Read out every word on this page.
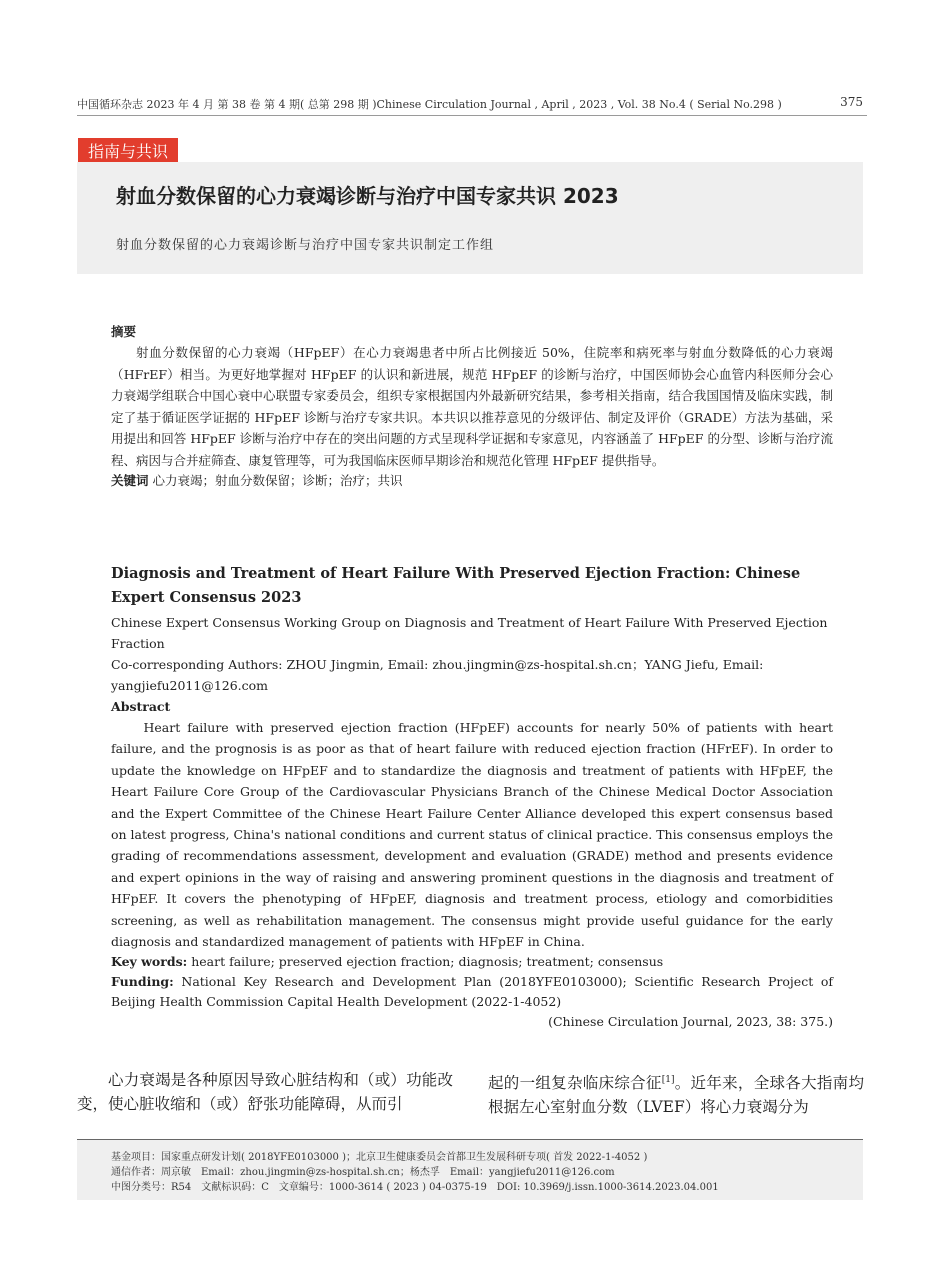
中国循环杂志 2023 年 4 月 第 38 卷 第 4 期( 总第 298 期 )Chinese Circulation Journal , April , 2023 , Vol. 38 No.4 ( Serial No.298 )	375
指南与共识
射血分数保留的心力衰竭诊断与治疗中国专家共识 2023
射血分数保留的心力衰竭诊断与治疗中国专家共识制定工作组
摘要

射血分数保留的心力衰竭（HFpEF）在心力衰竭患者中所占比例接近 50%，住院率和病死率与射血分数降低的心力衰竭（HFrEF）相当。为更好地掌握对 HFpEF 的认识和新进展，规范 HFpEF 的诊断与治疗，中国医师协会心血管内科医师分会心力衰竭学组联合中国心衰中心联盟专家委员会，组织专家根据国内外最新研究结果，参考相关指南，结合我国国情及临床实践，制定了基于循证医学证据的 HFpEF 诊断与治疗专家共识。本共识以推荐意见的分级评估、制定及评价（GRADE）方法为基础，采用提出和回答 HFpEF 诊断与治疗中存在的突出问题的方式呈现科学证据和专家意见，内容涵盖了 HFpEF 的分型、诊断与治疗流程、病因与合并症筛查、康复管理等，可为我国临床医师早期诊治和规范化管理 HFpEF 提供指导。

关键词 心力衰竭；射血分数保留；诊断；治疗；共识
Diagnosis and Treatment of Heart Failure With Preserved Ejection Fraction: Chinese Expert Consensus 2023
Chinese Expert Consensus Working Group on Diagnosis and Treatment of Heart Failure With Preserved Ejection Fraction
Co-corresponding Authors: ZHOU Jingmin, Email: zhou.jingmin@zs-hospital.sh.cn；YANG Jiefu, Email: yangjiefu2011@126.com
Abstract

Heart failure with preserved ejection fraction (HFpEF) accounts for nearly 50% of patients with heart failure, and the prognosis is as poor as that of heart failure with reduced ejection fraction (HFrEF). In order to update the knowledge on HFpEF and to standardize the diagnosis and treatment of patients with HFpEF, the Heart Failure Core Group of the Cardiovascular Physicians Branch of the Chinese Medical Doctor Association and the Expert Committee of the Chinese Heart Failure Center Alliance developed this expert consensus based on latest progress, China's national conditions and current status of clinical practice. This consensus employs the grading of recommendations assessment, development and evaluation (GRADE) method and presents evidence and expert opinions in the way of raising and answering prominent questions in the diagnosis and treatment of HFpEF. It covers the phenotyping of HFpEF, diagnosis and treatment process, etiology and comorbidities screening, as well as rehabilitation management. The consensus might provide useful guidance for the early diagnosis and standardized management of patients with HFpEF in China.

Key words: heart failure; preserved ejection fraction; diagnosis; treatment; consensus
Funding: National Key Research and Development Plan (2018YFE0103000); Scientific Research Project of Beijing Health Commission Capital Health Development (2022-1-4052)
(Chinese Circulation Journal, 2023, 38: 375.)
心力衰竭是各种原因导致心脏结构和（或）功能改变，使心脏收缩和（或）舒张功能障碍，从而引
起的一组复杂临床综合征[1]。近年来，全球各大指南均根据左心室射血分数（LVEF）将心力衰竭分为
基金项目：国家重点研发计划( 2018YFE0103000 )；北京卫生健康委员会首都卫生发展科研专项( 首发 2022-1-4052 )
通信作者：周京敏　Email：zhou.jingmin@zs-hospital.sh.cn；杨杰孚　Email：yangjiefu2011@126.com
中图分类号：R54　文献标识码：C　文章编号：1000-3614 ( 2023 ) 04-0375-19　DOI: 10.3969/j.issn.1000-3614.2023.04.001
